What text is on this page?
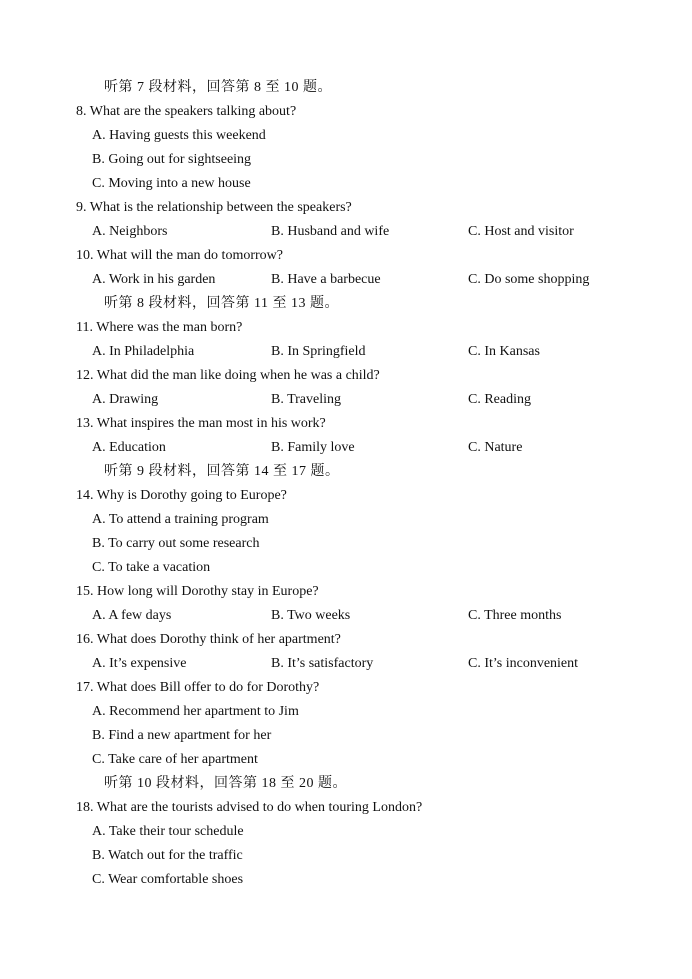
听第 7 段材料，回答第 8 至 10 题。
8. What are the speakers talking about?
A. Having guests this weekend
B. Going out for sightseeing
C. Moving into a new house
9. What is the relationship between the speakers?
A. Neighbors	B. Husband and wife	C. Host and visitor
10. What will the man do tomorrow?
A. Work in his garden	B. Have a barbecue	C. Do some shopping
听第 8 段材料，回答第 11 至 13 题。
11. Where was the man born?
A. In Philadelphia	B. In Springfield	C. In Kansas
12. What did the man like doing when he was a child?
A. Drawing	B. Traveling	C. Reading
13. What inspires the man most in his work?
A. Education	B. Family love	C. Nature
听第 9 段材料，回答第 14 至 17 题。
14. Why is Dorothy going to Europe?
A. To attend a training program
B. To carry out some research
C. To take a vacation
15. How long will Dorothy stay in Europe?
A. A few days	B. Two weeks	C. Three months
16. What does Dorothy think of her apartment?
A. It’s expensive	B. It’s satisfactory	C. It’s inconvenient
17. What does Bill offer to do for Dorothy?
A. Recommend her apartment to Jim
B. Find a new apartment for her
C. Take care of her apartment
听第 10 段材料，回答第 18 至 20 题。
18. What are the tourists advised to do when touring London?
A. Take their tour schedule
B. Watch out for the traffic
C. Wear comfortable shoes
